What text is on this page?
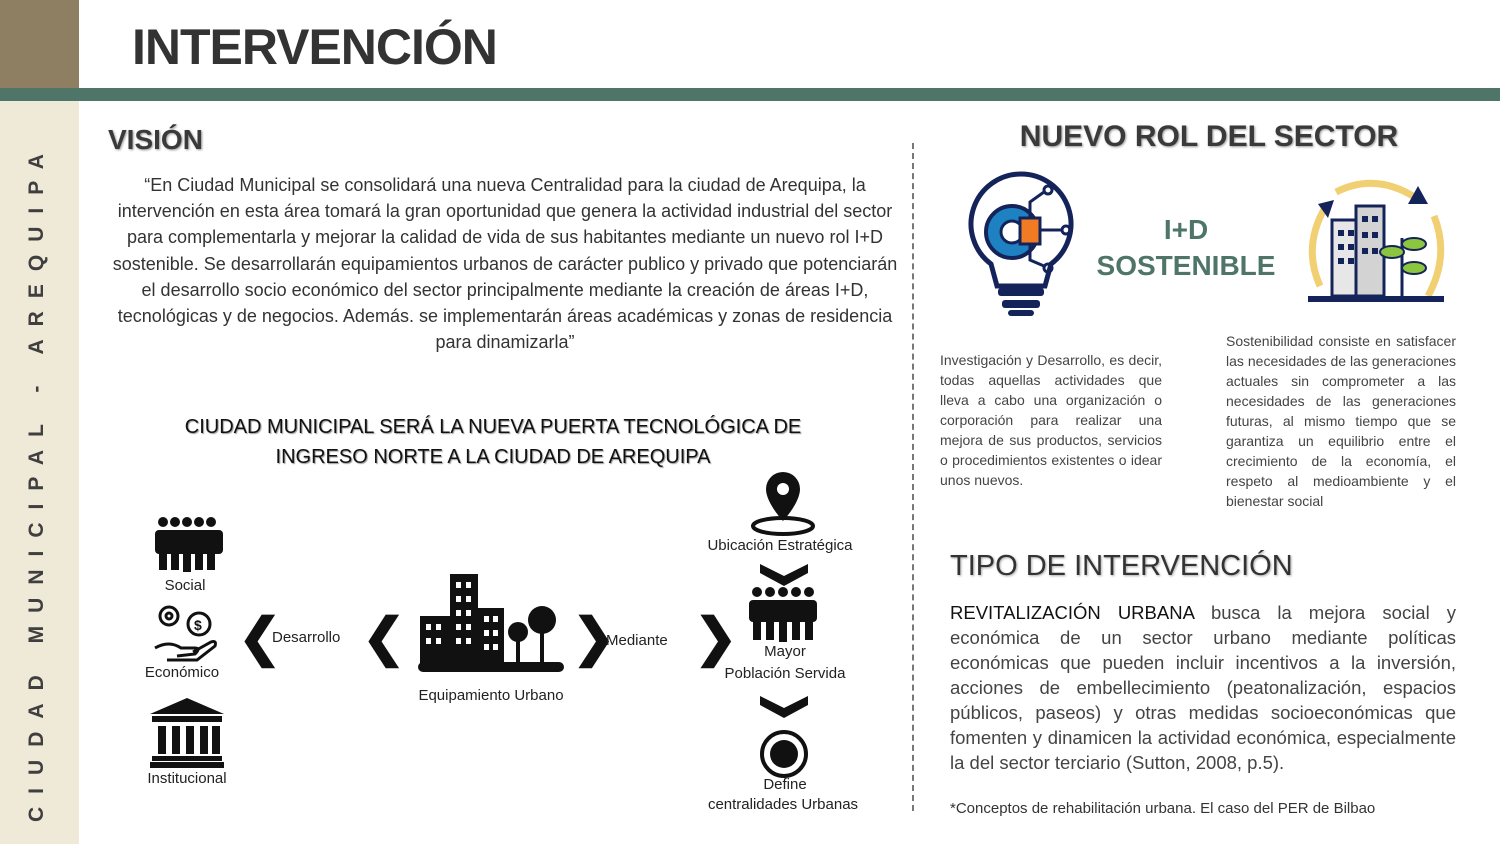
CIUDAD MUNICIPAL - AREQUIPA
INTERVENCIÓN
VISIÓN
“En Ciudad Municipal se consolidará una nueva Centralidad para la ciudad de Arequipa, la intervención en esta área tomará la gran oportunidad que genera la actividad industrial del sector para complementarla y mejorar la calidad de vida de sus habitantes mediante un nuevo rol I+D sostenible. Se desarrollarán equipamientos urbanos de carácter publico y privado que potenciarán el desarrollo socio económico del sector principalmente mediante la creación de áreas I+D, tecnológicas y de negocios. Además. se implementarán áreas académicas y zonas de residencia para dinamizarla”
CIUDAD MUNICIPAL SERÁ LA NUEVA PUERTA TECNOLÓGICA DE INGRESO NORTE A LA CIUDAD DE AREQUIPA
Social
$
Económico
Institucional
❮
Desarrollo ❮
Equipamiento Urbano
❯
Mediante ❯
Ubicación Estratégica
Mayor
Población Servida
Define
centralidades Urbanas
NUEVO ROL DEL SECTOR
I+D
SOSTENIBLE
Investigación y Desarrollo, es decir, todas aquellas actividades que lleva a cabo una organización o corporación para realizar una mejora de sus productos, servicios o procedimientos existentes o idear unos nuevos.
Sostenibilidad consiste en satisfacer las necesidades de las generaciones actuales sin comprometer a las necesidades de las generaciones futuras, al mismo tiempo que se garantiza un equilibrio entre el crecimiento de la economía, el respeto al medioambiente y el bienestar social
TIPO DE INTERVENCIÓN
REVITALIZACIÓN URBANA busca la mejora social y económica de un sector urbano mediante políticas económicas que pueden incluir incentivos a la inversión, acciones de embellecimiento (peatonalización, espacios públicos, paseos) y otras medidas socioeconómicas que fomenten y dinamicen la actividad económica, especialmente la del sector terciario (Sutton, 2008, p.5).
*Conceptos de rehabilitación urbana. El caso del PER de Bilbao
